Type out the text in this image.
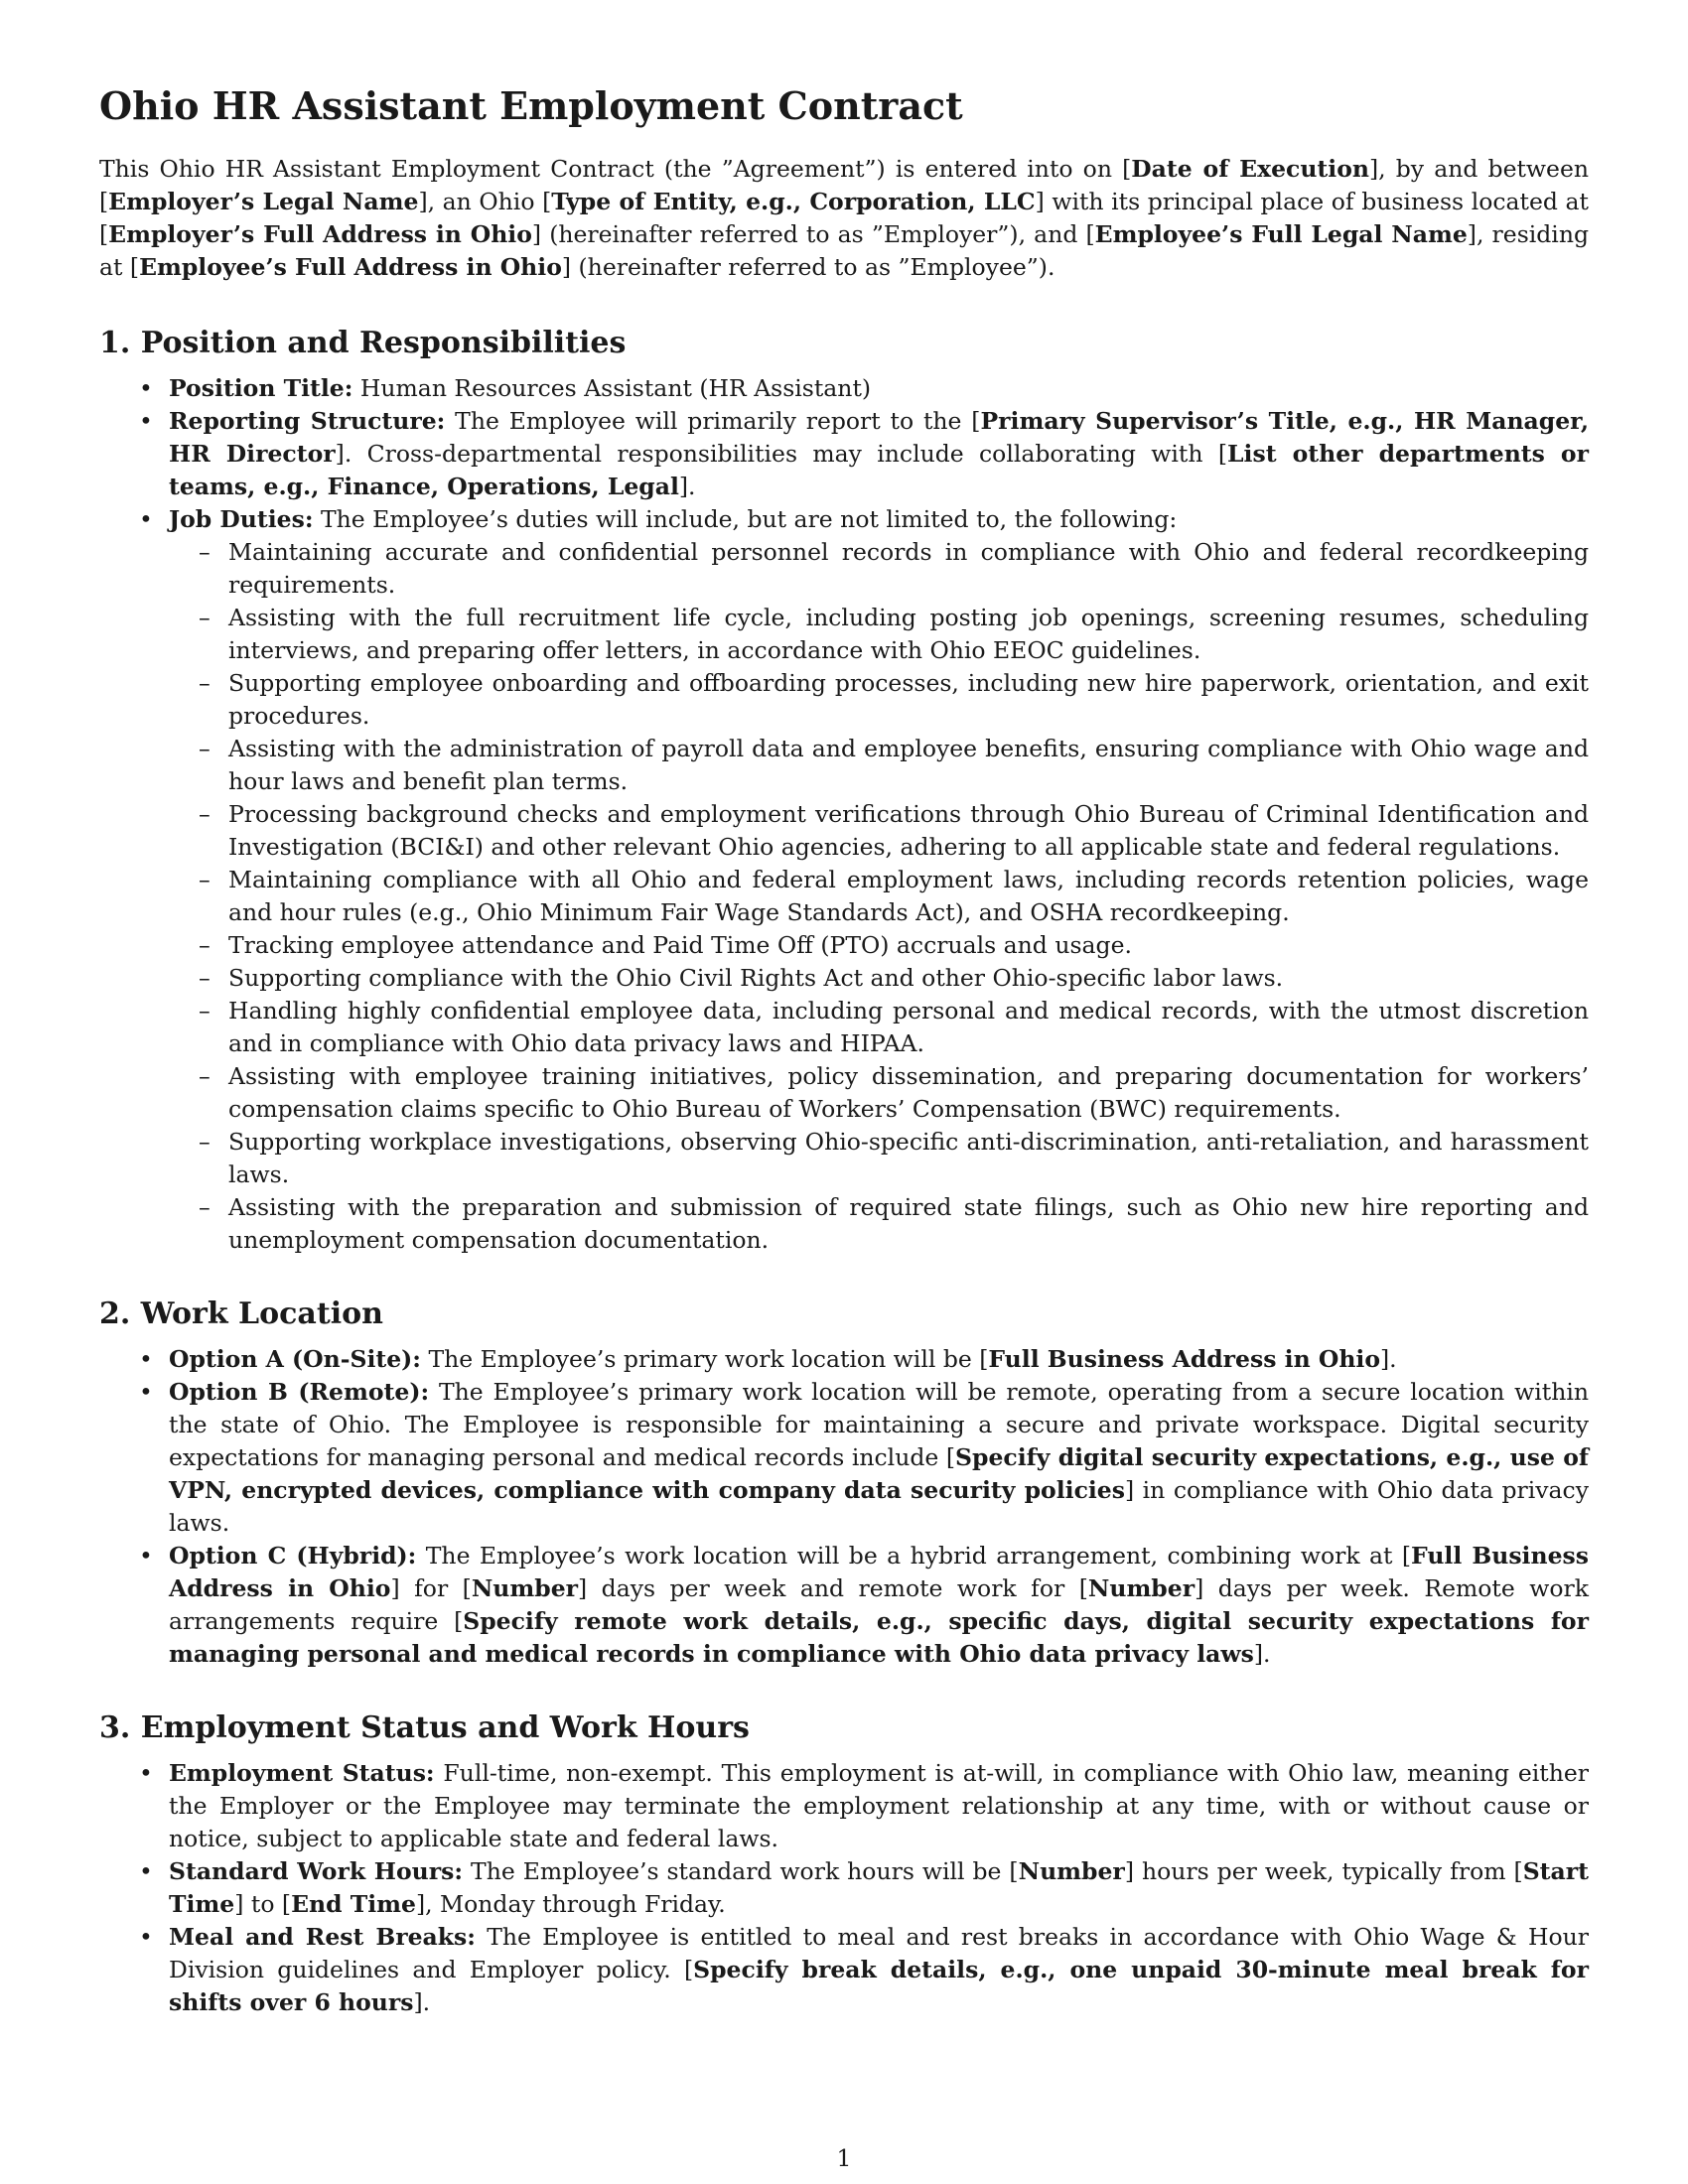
Ohio HR Assistant Employment Contract

This Ohio HR Assistant Employment Contract (the ”Agreement”) is entered into on [Date of Execution], by and between [Employer’s Legal Name], an Ohio [Type of Entity, e.g., Corporation, LLC] with its principal place of business located at [Employer’s Full Address in Ohio] (hereinafter referred to as ”Employer”), and [Employee’s Full Legal Name], residing at [Employee’s Full Address in Ohio] (hereinafter referred to as ”Employee”).

1. Position and Responsibilities
• Position Title: Human Resources Assistant (HR Assistant)
• Reporting Structure: The Employee will primarily report to the [Primary Supervisor’s Title, e.g., HR Manager, HR Director]. Cross-departmental responsibilities may include collaborating with [List other departments or teams, e.g., Finance, Operations, Legal].
• Job Duties: The Employee’s duties will include, but are not limited to, the following:
– Maintaining accurate and confidential personnel records in compliance with Ohio and federal recordkeeping requirements.
– Assisting with the full recruitment life cycle, including posting job openings, screening resumes, scheduling interviews, and preparing offer letters, in accordance with Ohio EEOC guidelines.
– Supporting employee onboarding and offboarding processes, including new hire paperwork, orientation, and exit procedures.
– Assisting with the administration of payroll data and employee benefits, ensuring compliance with Ohio wage and hour laws and benefit plan terms.
– Processing background checks and employment verifications through Ohio Bureau of Criminal Identification and Investigation (BCI&I) and other relevant Ohio agencies, adhering to all applicable state and federal regulations.
– Maintaining compliance with all Ohio and federal employment laws, including records retention policies, wage and hour rules (e.g., Ohio Minimum Fair Wage Standards Act), and OSHA recordkeeping.
– Tracking employee attendance and Paid Time Off (PTO) accruals and usage.
– Supporting compliance with the Ohio Civil Rights Act and other Ohio-specific labor laws.
– Handling highly confidential employee data, including personal and medical records, with the utmost discretion and in compliance with Ohio data privacy laws and HIPAA.
– Assisting with employee training initiatives, policy dissemination, and preparing documentation for workers’ compensation claims specific to Ohio Bureau of Workers’ Compensation (BWC) requirements.
– Supporting workplace investigations, observing Ohio-specific anti-discrimination, anti-retaliation, and harassment laws.
– Assisting with the preparation and submission of required state filings, such as Ohio new hire reporting and unemployment compensation documentation.
2. Work Location
• Option A (On-Site): The Employee’s primary work location will be [Full Business Address in Ohio].
• Option B (Remote): The Employee’s primary work location will be remote, operating from a secure location within the state of Ohio. The Employee is responsible for maintaining a secure and private workspace. Digital security expectations for managing personal and medical records include [Specify digital security expectations, e.g., use of VPN, encrypted devices, compliance with company data security policies] in compliance with Ohio data privacy laws.
• Option C (Hybrid): The Employee’s work location will be a hybrid arrangement, combining work at [Full Business Address in Ohio] for [Number] days per week and remote work for [Number] days per week. Remote work arrangements require [Specify remote work details, e.g., specific days, digital security expectations for managing personal and medical records in compliance with Ohio data privacy laws].
3. Employment Status and Work Hours
• Employment Status: Full-time, non-exempt. This employment is at-will, in compliance with Ohio law, meaning either the Employer or the Employee may terminate the employment relationship at any time, with or without cause or notice, subject to applicable state and federal laws.
• Standard Work Hours: The Employee’s standard work hours will be [Number] hours per week, typically from [Start Time] to [End Time], Monday through Friday.
• Meal and Rest Breaks: The Employee is entitled to meal and rest breaks in accordance with Ohio Wage & Hour Division guidelines and Employer policy. [Specify break details, e.g., one unpaid 30-minute meal break for shifts over 6 hours].
1
